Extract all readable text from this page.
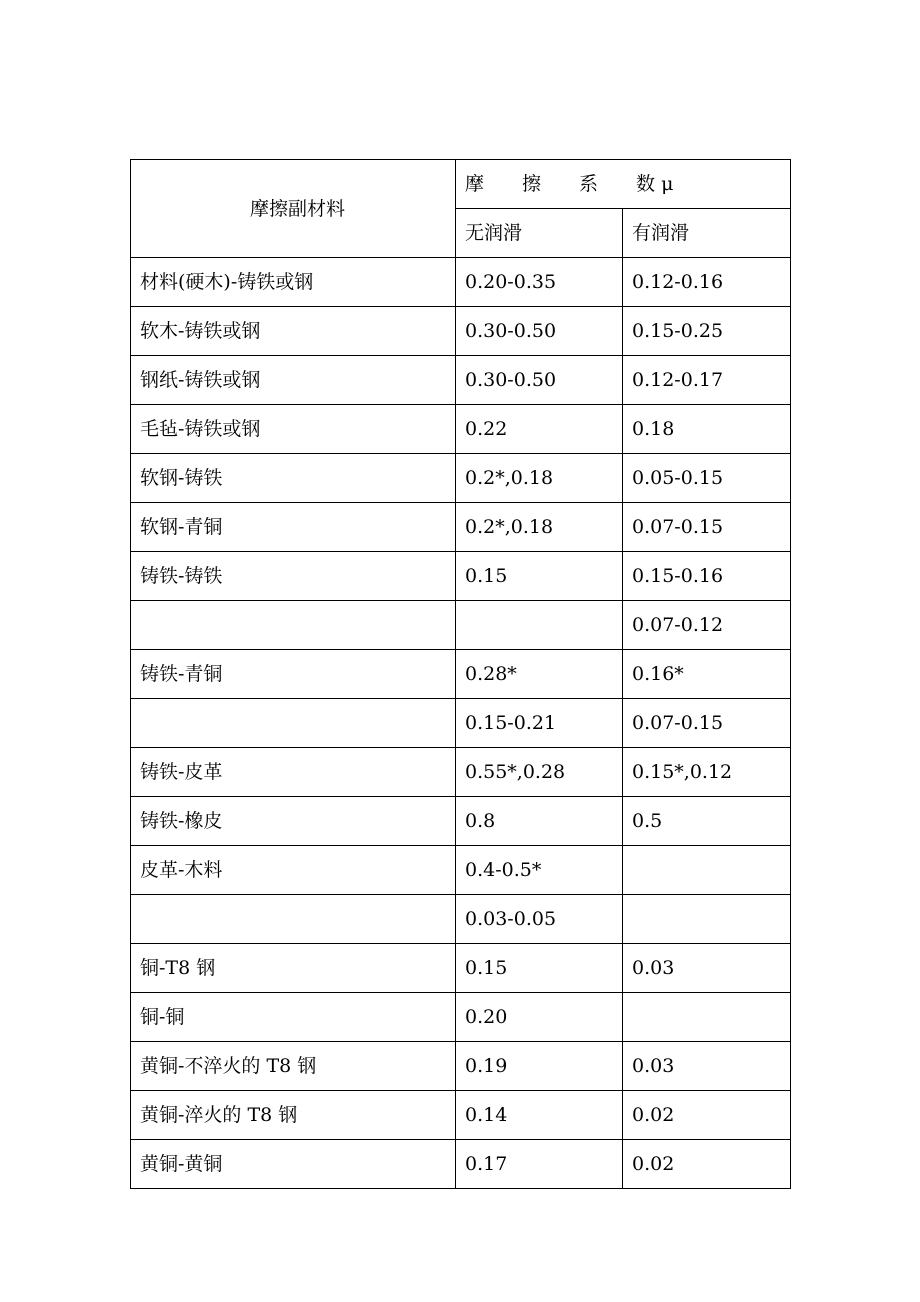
摩擦副材料	摩 擦 系 数 μ	
	无润滑	有润滑
材料(硬木)-铸铁或钢	0.20-0.35	0.12-0.16
软木-铸铁或钢	0.30-0.50	0.15-0.25
钢纸-铸铁或钢	0.30-0.50	0.12-0.17
毛毡-铸铁或钢	0.22	0.18
软钢-铸铁	0.2*,0.18	0.05-0.15
软钢-青铜	0.2*,0.18	0.07-0.15
铸铁-铸铁	0.15	0.15-0.16
		0.07-0.12
铸铁-青铜	0.28*	0.16*
	0.15-0.21	0.07-0.15
铸铁-皮革	0.55*,0.28	0.15*,0.12
铸铁-橡皮	0.8	0.5
皮革-木料	0.4-0.5*	
	0.03-0.05	
铜-T8 钢	0.15	0.03
铜-铜	0.20	
黄铜-不淬火的 T8 钢	0.19	0.03
黄铜-淬火的 T8 钢	0.14	0.02
黄铜-黄铜	0.17	0.02
